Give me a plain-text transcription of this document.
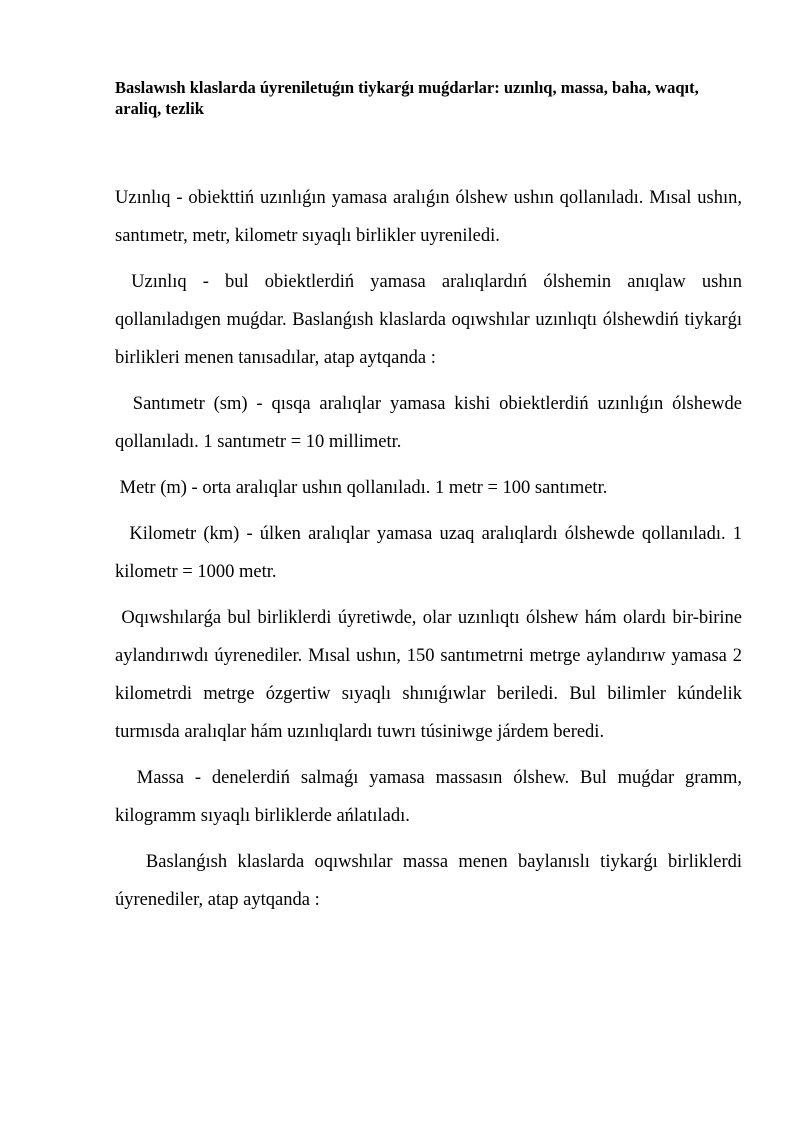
Baslawısh klaslarda úyreniletuǵın tiykarǵı muǵdarlar: uzınlıq, massa, baha, waqıt, araliq, tezlik

Uzınlıq - obiekttiń uzınlıǵın yamasa aralıǵın ólshew ushın qollanıladı. Mısal ushın, santımetr, metr, kilometr sıyaqlı birlikler uyreniledi.

Uzınlıq - bul obiektlerdiń yamasa aralıqlardıń ólshemin anıqlaw ushın qollanıladıgen muǵdar. Baslanǵısh klaslarda oqıwshılar uzınlıqtı ólshewdiń tiykarǵı birlikleri menen tanısadılar, atap aytqanda :

Santımetr (sm) - qısqa aralıqlar yamasa kishi obiektlerdiń uzınlıǵın ólshewde qollanıladı. 1 santımetr = 10 millimetr.

Metr (m) - orta aralıqlar ushın qollanıladı. 1 metr = 100 santımetr.

Kilometr (km) - úlken aralıqlar yamasa uzaq aralıqlardı ólshewde qollanıladı. 1 kilometr = 1000 metr.

Oqıwshılarǵa bul birliklerdi úyretiwde, olar uzınlıqtı ólshew hám olardı bir-birine aylandırıwdı úyrenediler. Mısal ushın, 150 santımetrni metrge aylandırıw yamasa 2 kilometrdi metrge ózgertiw sıyaqlı shınıǵıwlar beriledi. Bul bilimler kúndelik turmısda aralıqlar hám uzınlıqlardı tuwrı túsiniwge járdem beredi.

Massa - denelerdiń salmaǵı yamasa massasın ólshew. Bul muǵdar gramm, kilogramm sıyaqlı birliklerde ańlatıladı.

Baslanǵısh klaslarda oqıwshılar massa menen baylanıslı tiykarǵı birliklerdi úyrenediler, atap aytqanda :
